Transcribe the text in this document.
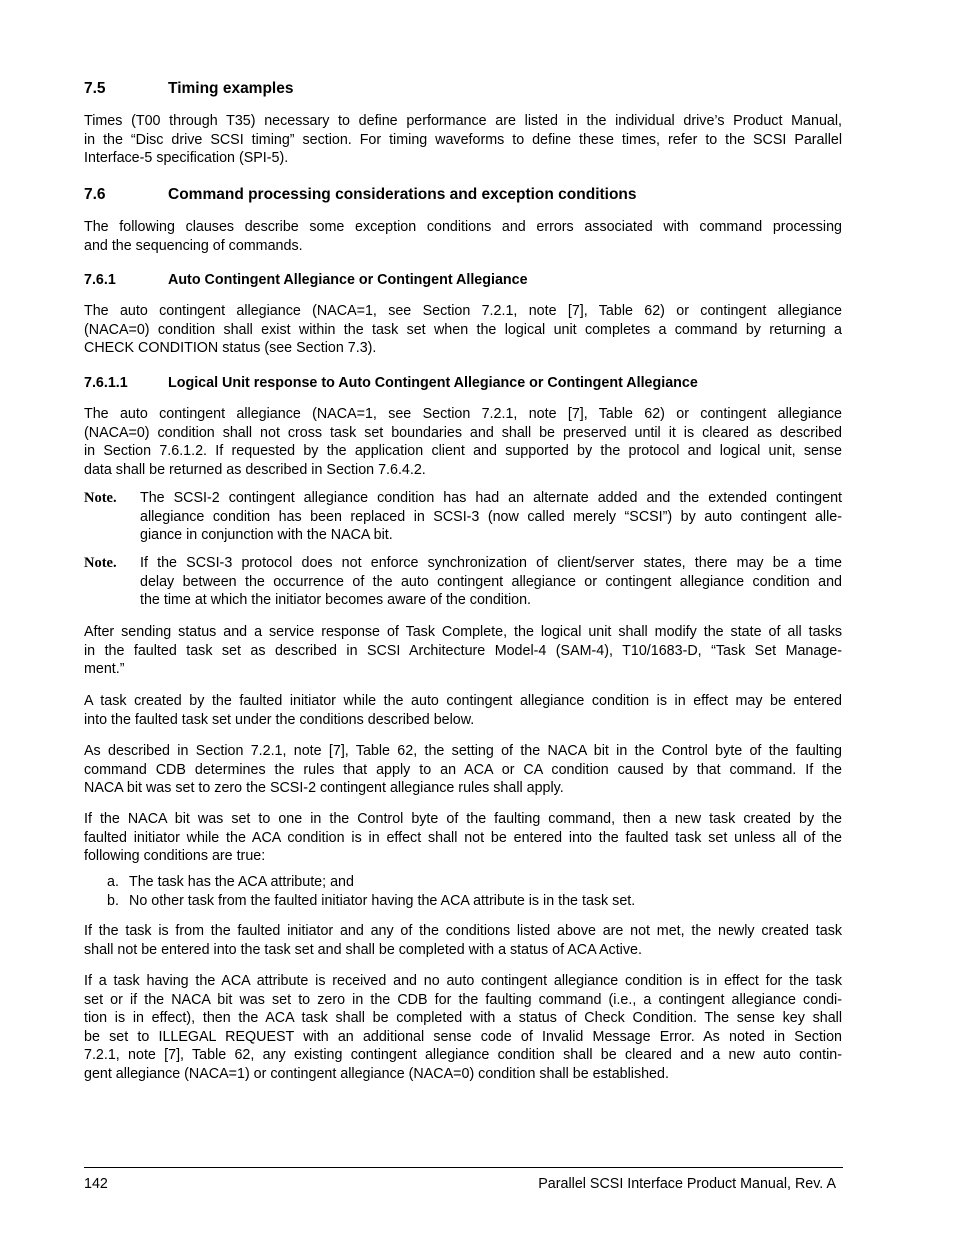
7.5	Timing examples
Times (T00 through T35) necessary to define performance are listed in the individual drive’s Product Manual,
in the “Disc drive SCSI timing” section. For timing waveforms to define these times, refer to the SCSI Parallel
Interface-5 specification (SPI-5).
7.6	Command processing considerations and exception conditions
The following clauses describe some exception conditions and errors associated with command processing
and the sequencing of commands.
7.6.1	Auto Contingent Allegiance or Contingent Allegiance
The auto contingent allegiance (NACA=1, see Section 7.2.1, note [7], Table 62) or contingent allegiance
(NACA=0) condition shall exist within the task set when the logical unit completes a command by returning a
CHECK CONDITION status (see Section 7.3).
7.6.1.1	Logical Unit response to Auto Contingent Allegiance or Contingent Allegiance
The auto contingent allegiance (NACA=1, see Section 7.2.1, note [7], Table 62) or contingent allegiance
(NACA=0) condition shall not cross task set boundaries and shall be preserved until it is cleared as described
in Section 7.6.1.2. If requested by the application client and supported by the protocol and logical unit, sense
data shall be returned as described in Section 7.6.4.2.
Note. The SCSI-2 contingent allegiance condition has had an alternate added and the extended contingent
allegiance condition has been replaced in SCSI-3 (now called merely “SCSI”) by auto contingent alle-
giance in conjunction with the NACA bit.
Note. If the SCSI-3 protocol does not enforce synchronization of client/server states, there may be a time
delay between the occurrence of the auto contingent allegiance or contingent allegiance condition and
the time at which the initiator becomes aware of the condition.
After sending status and a service response of Task Complete, the logical unit shall modify the state of all tasks
in the faulted task set as described in SCSI Architecture Model-4 (SAM-4), T10/1683-D, “Task Set Manage-
ment.”
A task created by the faulted initiator while the auto contingent allegiance condition is in effect may be entered
into the faulted task set under the conditions described below.
As described in Section 7.2.1, note [7], Table 62, the setting of the NACA bit in the Control byte of the faulting
command CDB determines the rules that apply to an ACA or CA condition caused by that command. If the
NACA bit was set to zero the SCSI-2 contingent allegiance rules shall apply.
If the NACA bit was set to one in the Control byte of the faulting command, then a new task created by the
faulted initiator while the ACA condition is in effect shall not be entered into the faulted task set unless all of the
following conditions are true:
a. The task has the ACA attribute; and
b. No other task from the faulted initiator having the ACA attribute is in the task set.
If the task is from the faulted initiator and any of the conditions listed above are not met, the newly created task
shall not be entered into the task set and shall be completed with a status of ACA Active.
If a task having the ACA attribute is received and no auto contingent allegiance condition is in effect for the task
set or if the NACA bit was set to zero in the CDB for the faulting command (i.e., a contingent allegiance condi-
tion is in effect), then the ACA task shall be completed with a status of Check Condition. The sense key shall
be set to ILLEGAL REQUEST with an additional sense code of Invalid Message Error. As noted in Section
7.2.1, note [7], Table 62, any existing contingent allegiance condition shall be cleared and a new auto contin-
gent allegiance (NACA=1) or contingent allegiance (NACA=0) condition shall be established.
142	Parallel SCSI Interface Product Manual, Rev. A
